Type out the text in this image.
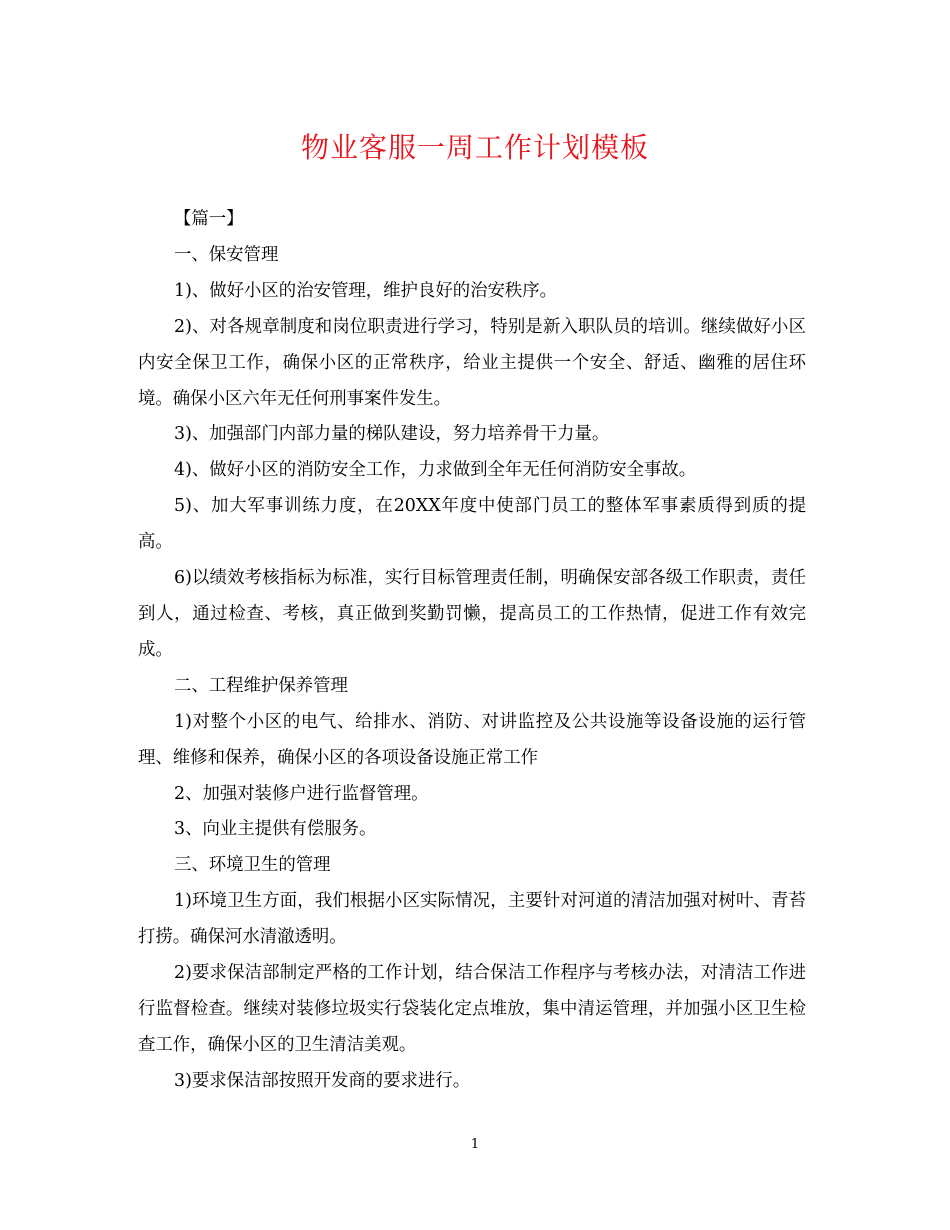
物业客服一周工作计划模板

【篇一】

一、保安管理

1)、做好小区的治安管理，维护良好的治安秩序。

2)、对各规章制度和岗位职责进行学习，特别是新入职队员的培训。继续做好小区内安全保卫工作，确保小区的正常秩序，给业主提供一个安全、舒适、幽雅的居住环境。确保小区六年无任何刑事案件发生。

3)、加强部门内部力量的梯队建设，努力培养骨干力量。

4)、做好小区的消防安全工作，力求做到全年无任何消防安全事故。

5)、加大军事训练力度，在20XX年度中使部门员工的整体军事素质得到质的提高。

6)以绩效考核指标为标准，实行目标管理责任制，明确保安部各级工作职责，责任到人，通过检查、考核，真正做到奖勤罚懒，提高员工的工作热情，促进工作有效完成。

二、工程维护保养管理

1)对整个小区的电气、给排水、消防、对讲监控及公共设施等设备设施的运行管理、维修和保养，确保小区的各项设备设施正常工作

2、加强对装修户进行监督管理。

3、向业主提供有偿服务。

三、环境卫生的管理

1)环境卫生方面，我们根据小区实际情况，主要针对河道的清洁加强对树叶、青苔打捞。确保河水清澈透明。

2)要求保洁部制定严格的工作计划，结合保洁工作程序与考核办法，对清洁工作进行监督检查。继续对装修垃圾实行袋装化定点堆放，集中清运管理，并加强小区卫生检查工作，确保小区的卫生清洁美观。

3)要求保洁部按照开发商的要求进行。

1
